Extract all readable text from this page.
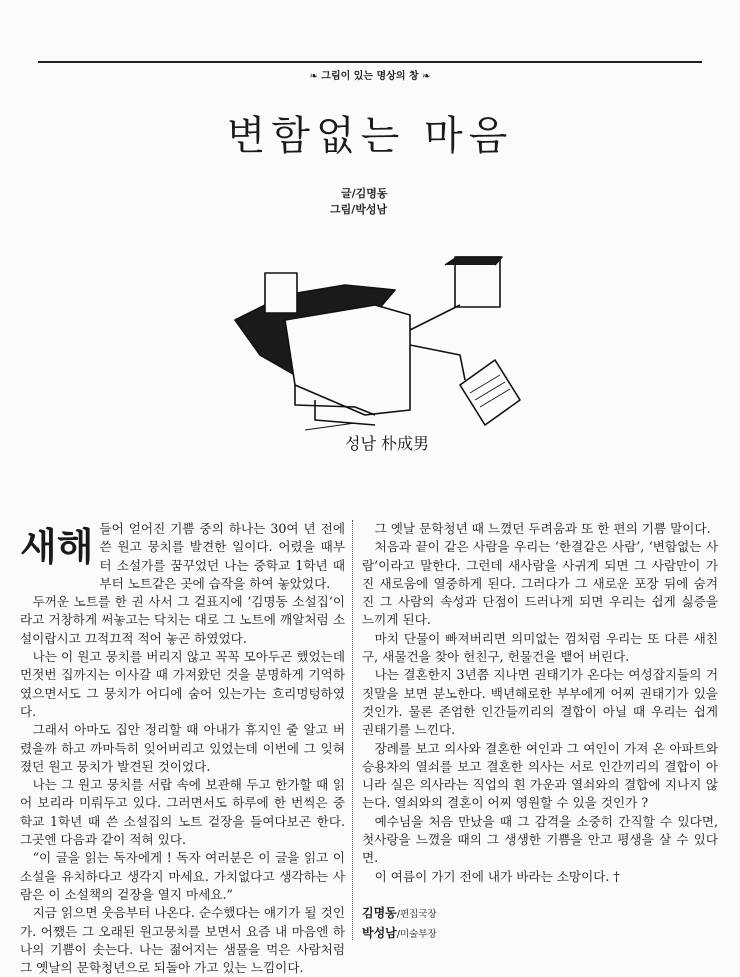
❧ 그림이 있는 명상의 창 ❧
변함없는 마음
글/김명동
그림/박성남
성남 朴成男

새해 들어 얻어진 기쁨 중의 하나는 30여 년 전에 쓴 원고 뭉치를 발견한 일이다. 어렸을 때부터 소설가를 꿈꾸었던 나는 중학교 1학년 때부터 노트같은 곳에 습작을 하여 놓았었다.

두꺼운 노트를 한 권 사서 그 겉표지에 ‘김명동 소설집’이라고 거창하게 써놓고는 닥치는 대로 그 노트에 깨알처럼 소설이랍시고 끄적끄적 적어 놓곤 하였었다.

나는 이 원고 뭉치를 버리지 않고 꼭꼭 모아두곤 했었는데 먼젓번 집까지는 이사갈 때 가져왔던 것을 분명하게 기억하였으면서도 그 뭉치가 어디에 숨어 있는가는 흐리멍텅하였다.

그래서 아마도 집안 정리할 때 아내가 휴지인 줄 알고 버렸을까 하고 까마득히 잊어버리고 있었는데 이번에 그 잊혀졌던 원고 뭉치가 발견된 것이었다.

나는 그 원고 뭉치를 서랍 속에 보관해 두고 한가할 때 읽어 보리라 미뤄두고 있다. 그러면서도 하루에 한 번씩은 중학교 1학년 때 쓴 소설집의 노트 겉장을 들여다보곤 한다. 그곳엔 다음과 같이 적혀 있다.

“이 글을 읽는 독자에게 ! 독자 여러분은 이 글을 읽고 이 소설을 유치하다고 생각지 마세요. 가치없다고 생각하는 사람은 이 소설책의 겉장을 열지 마세요.”

지금 읽으면 웃음부터 나온다. 순수했다는 얘기가 될 것인가. 어쨌든 그 오래된 원고뭉치를 보면서 요즘 내 마음엔 하나의 기쁨이 솟는다. 나는 젊어지는 샘물을 먹은 사람처럼 그 옛날의 문학청년으로 되돌아 가고 있는 느낌이다.

그 옛날 문학청년 때 느꼈던 두려움과 또 한 편의 기쁨 말이다.

처음과 끝이 같은 사람을 우리는 ‘한결같은 사람’, ‘변함없는 사람’이라고 말한다. 그런데 새사람을 사귀게 되면 그 사람만이 가진 새로움에 열중하게 된다. 그러다가 그 새로운 포장 뒤에 숨겨진 그 사람의 속성과 단점이 드러나게 되면 우리는 쉽게 싫증을 느끼게 된다.

마치 단물이 빠져버리면 의미없는 껌처럼 우리는 또 다른 새친구, 새물건을 찾아 헌친구, 헌물건을 뱉어 버린다.

나는 결혼한지 3년쯤 지나면 권태기가 온다는 여성잡지들의 거짓말을 보면 분노한다. 백년해로한 부부에게 어찌 권태기가 있을 것인가. 물론 존엄한 인간들끼리의 결합이 아닐 때 우리는 쉽게 권태기를 느낀다.

장례를 보고 의사와 결혼한 여인과 그 여인이 가져 온 아파트와 승용차의 열쇠를 보고 결혼한 의사는 서로 인간끼리의 결합이 아니라 실은 의사라는 직업의 흰 가운과 열쇠와의 결합에 지나지 않는다. 열쇠와의 결혼이 어찌 영원할 수 있을 것인가 ?

예수님을 처음 만났을 때 그 감격을 소중히 간직할 수 있다면, 첫사랑을 느꼈을 때의 그 생생한 기쁨을 안고 평생을 살 수 있다면.

이 여름이 가기 전에 내가 바라는 소망이다. †

김명동/편집국장
박성남/미술부장
